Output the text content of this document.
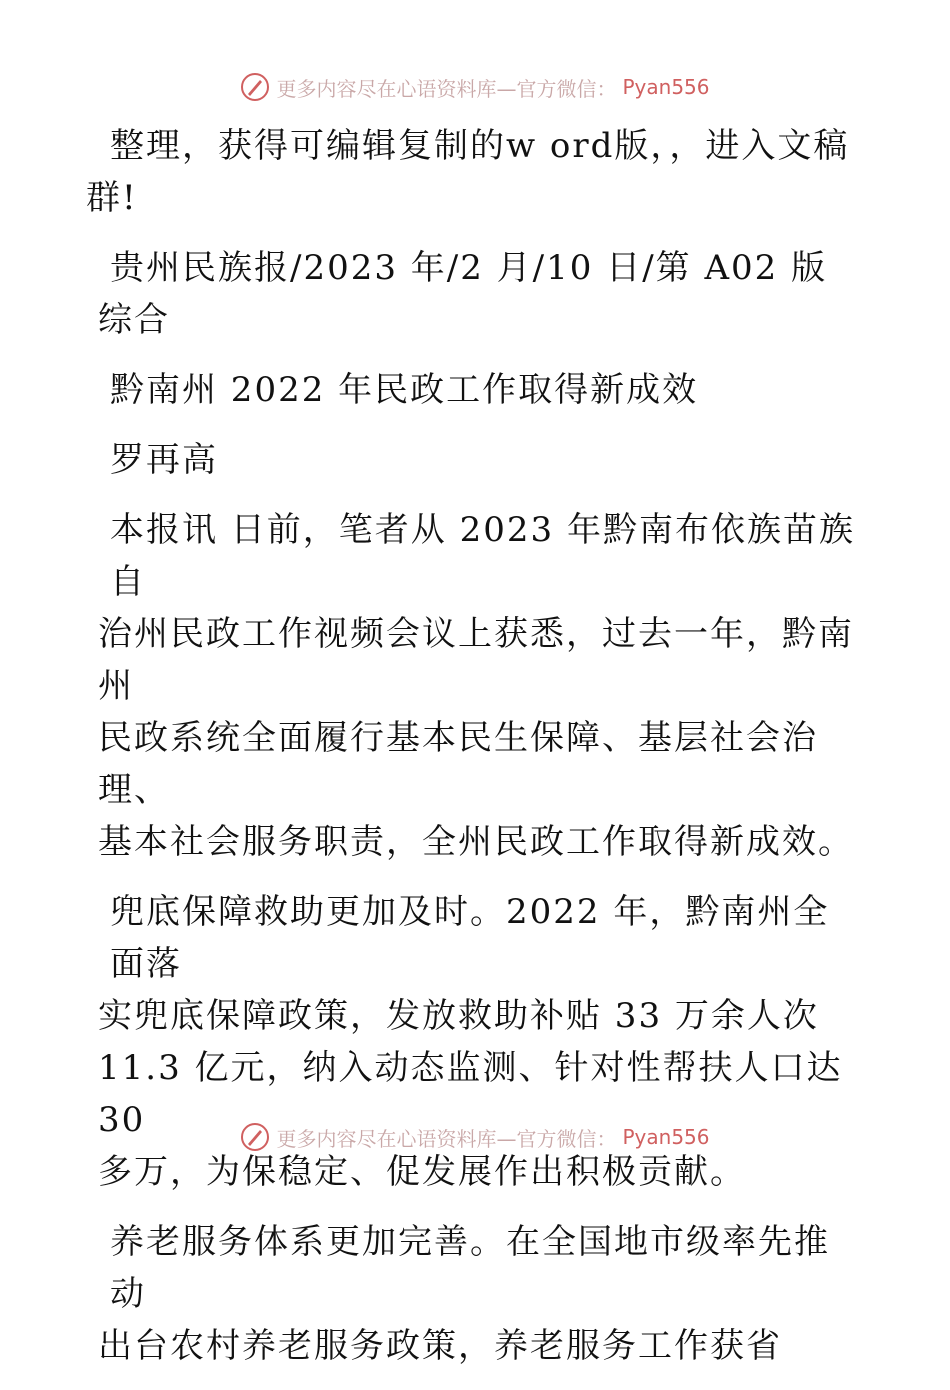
更多内容尽在心语资料库—官方微信： Pyan556

整理，获得可编辑复制的w ord版，，进入文稿
群!

贵州民族报/2023 年/2 月/10 日/第 A02 版综合

黔南州 2022 年民政工作取得新成效

罗再高

本报讯 日前，笔者从 2023 年黔南布依族苗族自
治州民政工作视频会议上获悉，过去一年，黔南州
民政系统全面履行基本民生保障、基层社会治理、
基本社会服务职责，全州民政工作取得新成效。

兜底保障救助更加及时。2022 年，黔南州全面落
实兜底保障政策，发放救助补贴 33 万余人次
11.3 亿元，纳入动态监测、针对性帮扶人口达 30
多万，为保稳定、促发展作出积极贡献。

养老服务体系更加完善。在全国地市级率先推动
出台农村养老服务政策，养老服务工作获省

更多内容尽在心语资料库—官方微信： Pyan556
